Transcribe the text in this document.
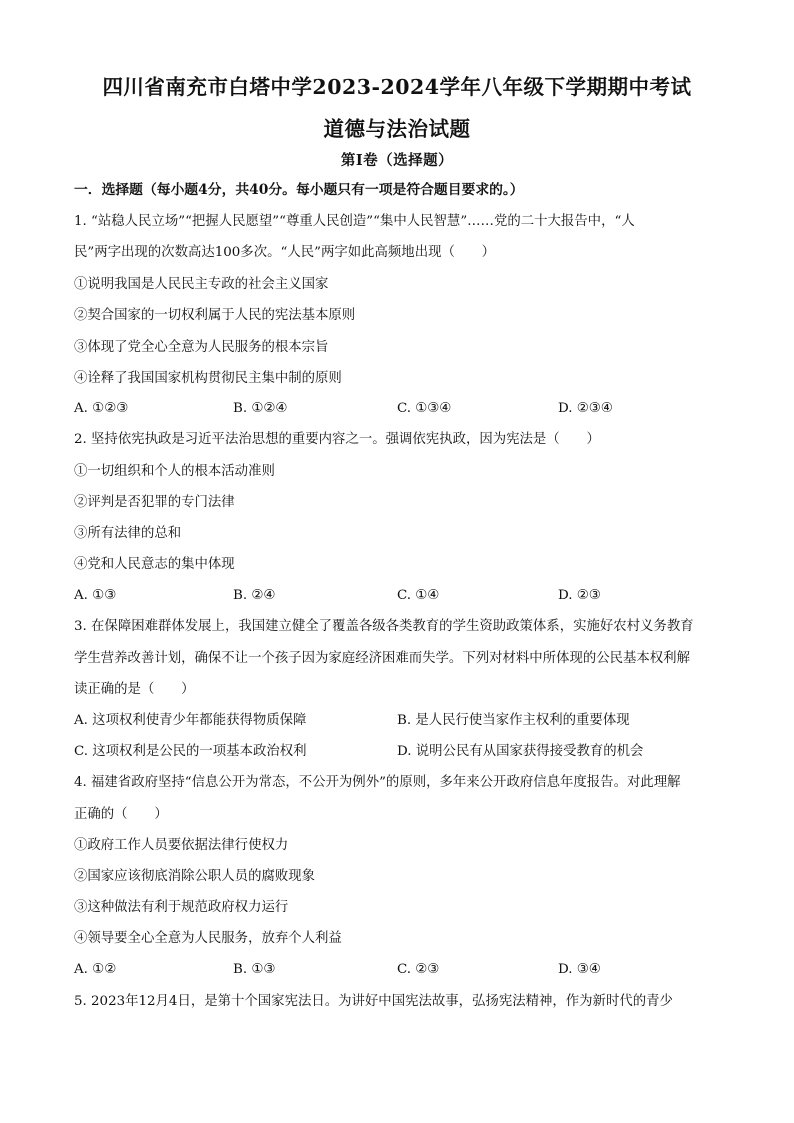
四川省南充市白塔中学2023-2024学年八年级下学期期中考试
道德与法治试题
第Ⅰ卷（选择题）
一．选择题（每小题4分，共40分。每小题只有一项是符合题目要求的。）
1. “站稳人民立场”“把握人民愿望”“尊重人民创造”“集中人民智慧”……党的二十大报告中，“人
民”两字出现的次数高达100多次。“人民”两字如此高频地出现（　　）
①说明我国是人民民主专政的社会主义国家
②契合国家的一切权利属于人民的宪法基本原则
③体现了党全心全意为人民服务的根本宗旨
④诠释了我国国家机构贯彻民主集中制的原则
A. ①②③	B. ①②④	C. ①③④	D. ②③④
2. 坚持依宪执政是习近平法治思想的重要内容之一。强调依宪执政，因为宪法是（　　）
①一切组织和个人的根本活动准则
②评判是否犯罪的专门法律
③所有法律的总和
④党和人民意志的集中体现
A. ①③	B. ②④	C. ①④	D. ②③
3. 在保障困难群体发展上，我国建立健全了覆盖各级各类教育的学生资助政策体系，实施好农村义务教育
学生营养改善计划，确保不让一个孩子因为家庭经济困难而失学。下列对材料中所体现的公民基本权利解
读正确的是（　　）
A. 这项权利使青少年都能获得物质保障	B. 是人民行使当家作主权利的重要体现
C. 这项权利是公民的一项基本政治权利	D. 说明公民有从国家获得接受教育的机会
4. 福建省政府坚持“信息公开为常态，不公开为例外”的原则，多年来公开政府信息年度报告。对此理解
正确的（　　）
①政府工作人员要依据法律行使权力
②国家应该彻底消除公职人员的腐败现象
③这种做法有利于规范政府权力运行
④领导要全心全意为人民服务，放弃个人利益
A. ①②	B. ①③	C. ②③	D. ③④
5. 2023年12月4日，是第十个国家宪法日。为讲好中国宪法故事，弘扬宪法精神，作为新时代的青少
